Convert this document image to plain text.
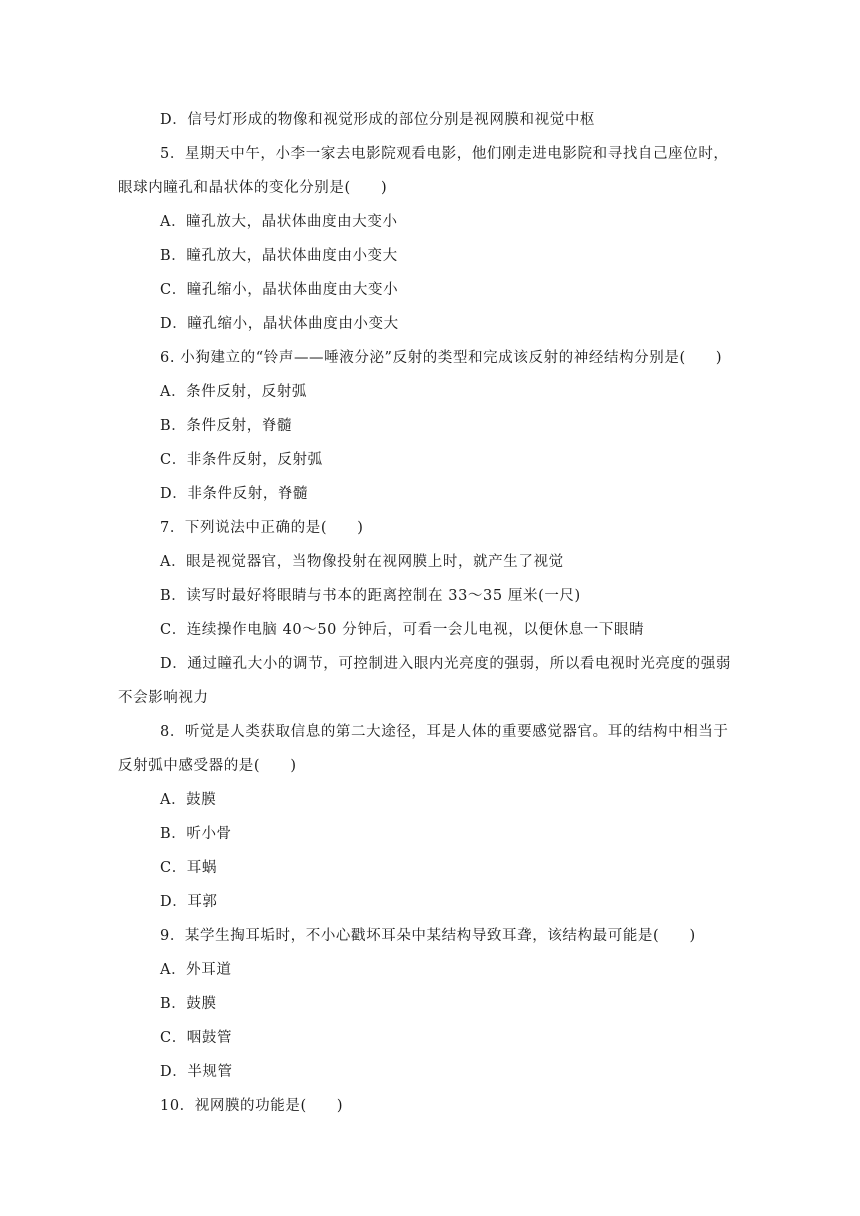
D．信号灯形成的物像和视觉形成的部位分别是视网膜和视觉中枢
5．星期天中午，小李一家去电影院观看电影，他们刚走进电影院和寻找自己座位时，
眼球内瞳孔和晶状体的变化分别是(　　)
A．瞳孔放大，晶状体曲度由大变小
B．瞳孔放大，晶状体曲度由小变大
C．瞳孔缩小，晶状体曲度由大变小
D．瞳孔缩小，晶状体曲度由小变大
6. 小狗建立的“铃声——唾液分泌”反射的类型和完成该反射的神经结构分别是(　　)
A．条件反射，反射弧
B．条件反射，脊髓
C．非条件反射，反射弧
D．非条件反射，脊髓
7．下列说法中正确的是(　　)
A．眼是视觉器官，当物像投射在视网膜上时，就产生了视觉
B．读写时最好将眼睛与书本的距离控制在 33～35 厘米(一尺)
C．连续操作电脑 40～50 分钟后，可看一会儿电视，以便休息一下眼睛
D．通过瞳孔大小的调节，可控制进入眼内光亮度的强弱，所以看电视时光亮度的强弱
不会影响视力
8．听觉是人类获取信息的第二大途径，耳是人体的重要感觉器官。耳的结构中相当于
反射弧中感受器的是(　　)
A．鼓膜
B．听小骨
C．耳蜗
D．耳郭
9．某学生掏耳垢时，不小心戳坏耳朵中某结构导致耳聋，该结构最可能是(　　)
A．外耳道
B．鼓膜
C．咽鼓管
D．半规管
10．视网膜的功能是(　　)
